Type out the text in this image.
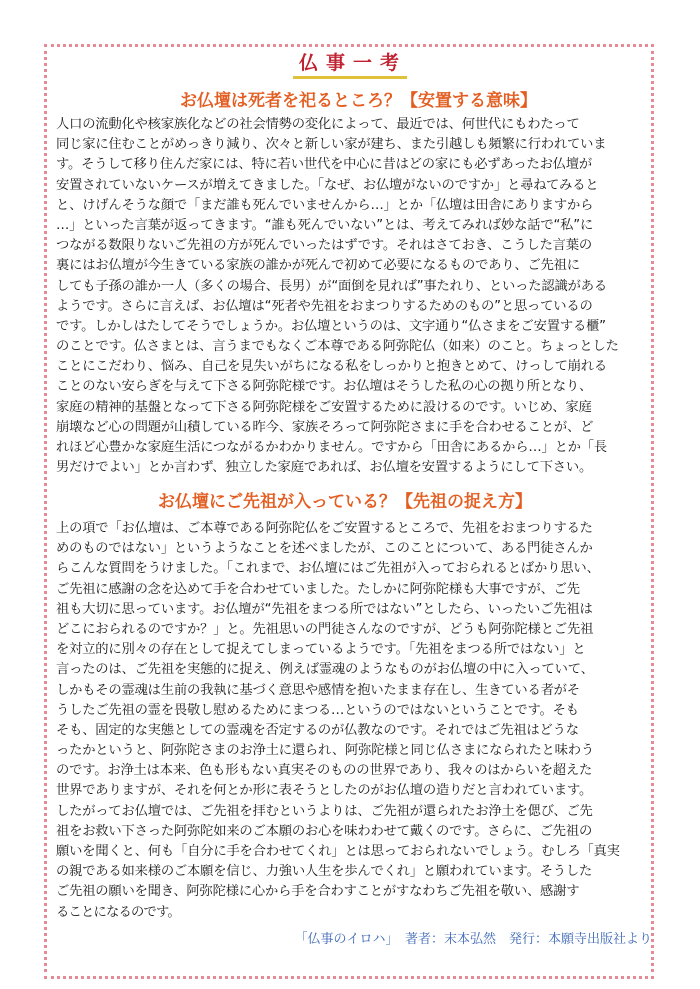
仏事一考
お仏壇は死者を祀るところ？【安置する意味】
人口の流動化や核家族化などの社会情勢の変化によって、最近では、何世代にもわたって
同じ家に住むことがめっきり減り、次々と新しい家が建ち、また引越しも頻繁に行われていま
す。そうして移り住んだ家には、特に若い世代を中心に昔はどの家にも必ずあったお仏壇が
安置されていないケースが増えてきました。「なぜ、お仏壇がないのですか」と尋ねてみると
と、けげんそうな顔で「まだ誰も死んでいませんから…」とか「仏壇は田舎にありますから
…」といった言葉が返ってきます。“誰も死んでいない”とは、考えてみれば妙な話で“私”に
つながる数限りないご先祖の方が死んでいったはずです。それはさておき、こうした言葉の
裏にはお仏壇が今生きている家族の誰かが死んで初めて必要になるものであり、ご先祖に
しても子孫の誰か一人（多くの場合、長男）が“面倒を見れば”事たれり、といった認識がある
ようです。さらに言えば、お仏壇は“死者や先祖をおまつりするためのもの”と思っているの
です。しかしはたしてそうでしょうか。お仏壇というのは、文字通り“仏さまをご安置する櫃”
のことです。仏さまとは、言うまでもなくご本尊である阿弥陀仏（如来）のこと。ちょっとした
ことにこだわり、悩み、自己を見失いがちになる私をしっかりと抱きとめて、けっして崩れる
ことのない安らぎを与えて下さる阿弥陀様です。お仏壇はそうした私の心の拠り所となり、
家庭の精神的基盤となって下さる阿弥陀様をご安置するために設けるのです。いじめ、家庭
崩壊など心の問題が山積している昨今、家族そろって阿弥陀さまに手を合わせることが、ど
れほど心豊かな家庭生活につながるかわかりません。ですから「田舎にあるから…」とか「長
男だけでよい」とか言わず、独立した家庭であれば、お仏壇を安置するようにして下さい。
お仏壇にご先祖が入っている？【先祖の捉え方】
上の項で「お仏壇は、ご本尊である阿弥陀仏をご安置するところで、先祖をおまつりするた
めのものではない」というようなことを述べましたが、このことについて、ある門徒さんか
らこんな質問をうけました。「これまで、お仏壇にはご先祖が入っておられるとばかり思い、
ご先祖に感謝の念を込めて手を合わせていました。たしかに阿弥陀様も大事ですが、ご先
祖も大切に思っています。お仏壇が“先祖をまつる所ではない”としたら、いったいご先祖は
どこにおられるのですか？」と。先祖思いの門徒さんなのですが、どうも阿弥陀様とご先祖
を対立的に別々の存在として捉えてしまっているようです。「先祖をまつる所ではない」と
言ったのは、ご先祖を実態的に捉え、例えば霊魂のようなものがお仏壇の中に入っていて、
しかもその霊魂は生前の我執に基づく意思や感情を抱いたまま存在し、生きている者がそ
うしたご先祖の霊を畏敬し慰めるためにまつる…というのではないということです。そも
そも、固定的な実態としての霊魂を否定するのが仏教なのです。それではご先祖はどうな
ったかというと、阿弥陀さまのお浄土に還られ、阿弥陀様と同じ仏さまになられたと味わう
のです。お浄土は本来、色も形もない真実そのものの世界であり、我々のはからいを超えた
世界でありますが、それを何とか形に表そうとしたのがお仏壇の造りだと言われています。
したがってお仏壇では、ご先祖を拝むというよりは、ご先祖が還られたお浄土を偲び、ご先
祖をお救い下さった阿弥陀如来のご本願のお心を味わわせて戴くのです。さらに、ご先祖の
願いを聞くと、何も「自分に手を合わせてくれ」とは思っておられないでしょう。むしろ「真実
の親である如来様のご本願を信じ、力強い人生を歩んでくれ」と願われています。そうした
ご先祖の願いを聞き、阿弥陀様に心から手を合わすことがすなわちご先祖を敬い、感謝す
ることになるのです。
「仏事のイロハ」　著者：末本弘然　発行：本願寺出版社より
